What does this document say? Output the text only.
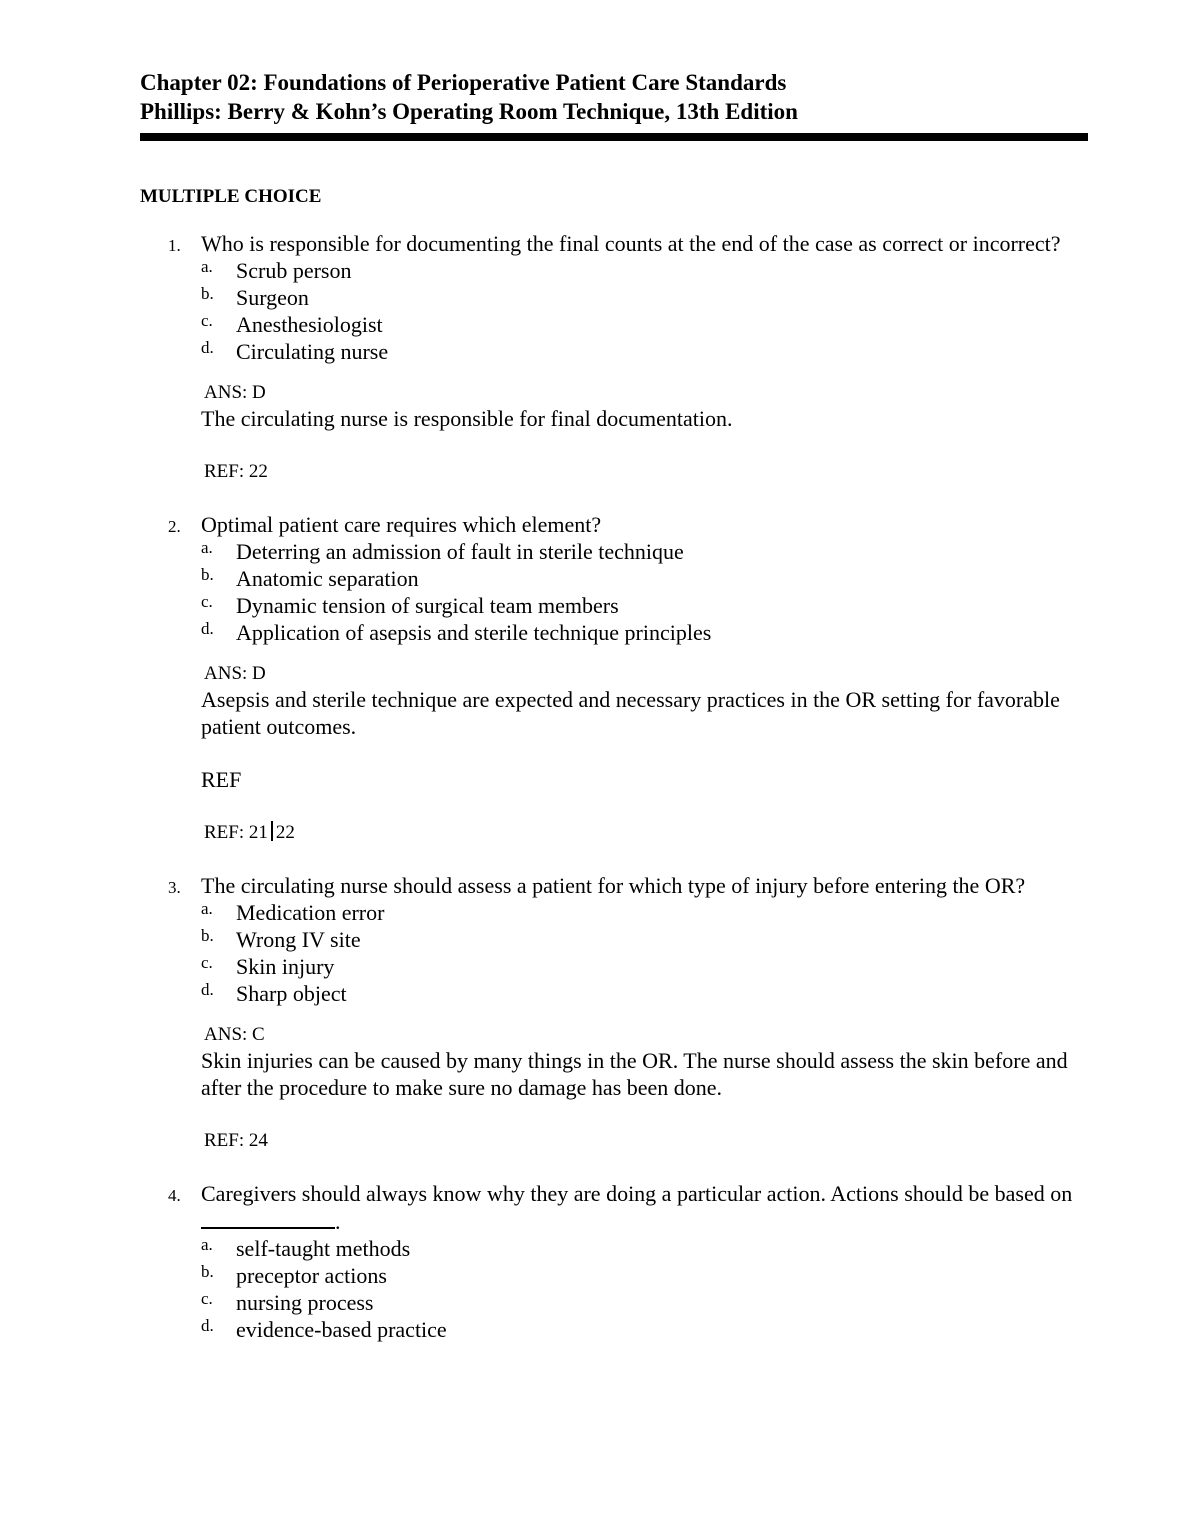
Chapter 02: Foundations of Perioperative Patient Care Standards
Phillips: Berry & Kohn’s Operating Room Technique, 13th Edition
MULTIPLE CHOICE
1. Who is responsible for documenting the final counts at the end of the case as correct or incorrect?
a. Scrub person
b. Surgeon
c. Anesthesiologist
d. Circulating nurse
ANS: D
The circulating nurse is responsible for final documentation.
REF: 22
2. Optimal patient care requires which element?
a. Deterring an admission of fault in sterile technique
b. Anatomic separation
c. Dynamic tension of surgical team members
d. Application of asepsis and sterile technique principles
ANS: D
Asepsis and sterile technique are expected and necessary practices in the OR setting for favorable patient outcomes.
REF
REF: 21 22
3. The circulating nurse should assess a patient for which type of injury before entering the OR?
a. Medication error
b. Wrong IV site
c. Skin injury
d. Sharp object
ANS: C
Skin injuries can be caused by many things in the OR. The nurse should assess the skin before and after the procedure to make sure no damage has been done.
REF: 24
4. Caregivers should always know why they are doing a particular action. Actions should be based on.
a. self-taught methods
b. preceptor actions
c. nursing process
d. evidence-based practice
